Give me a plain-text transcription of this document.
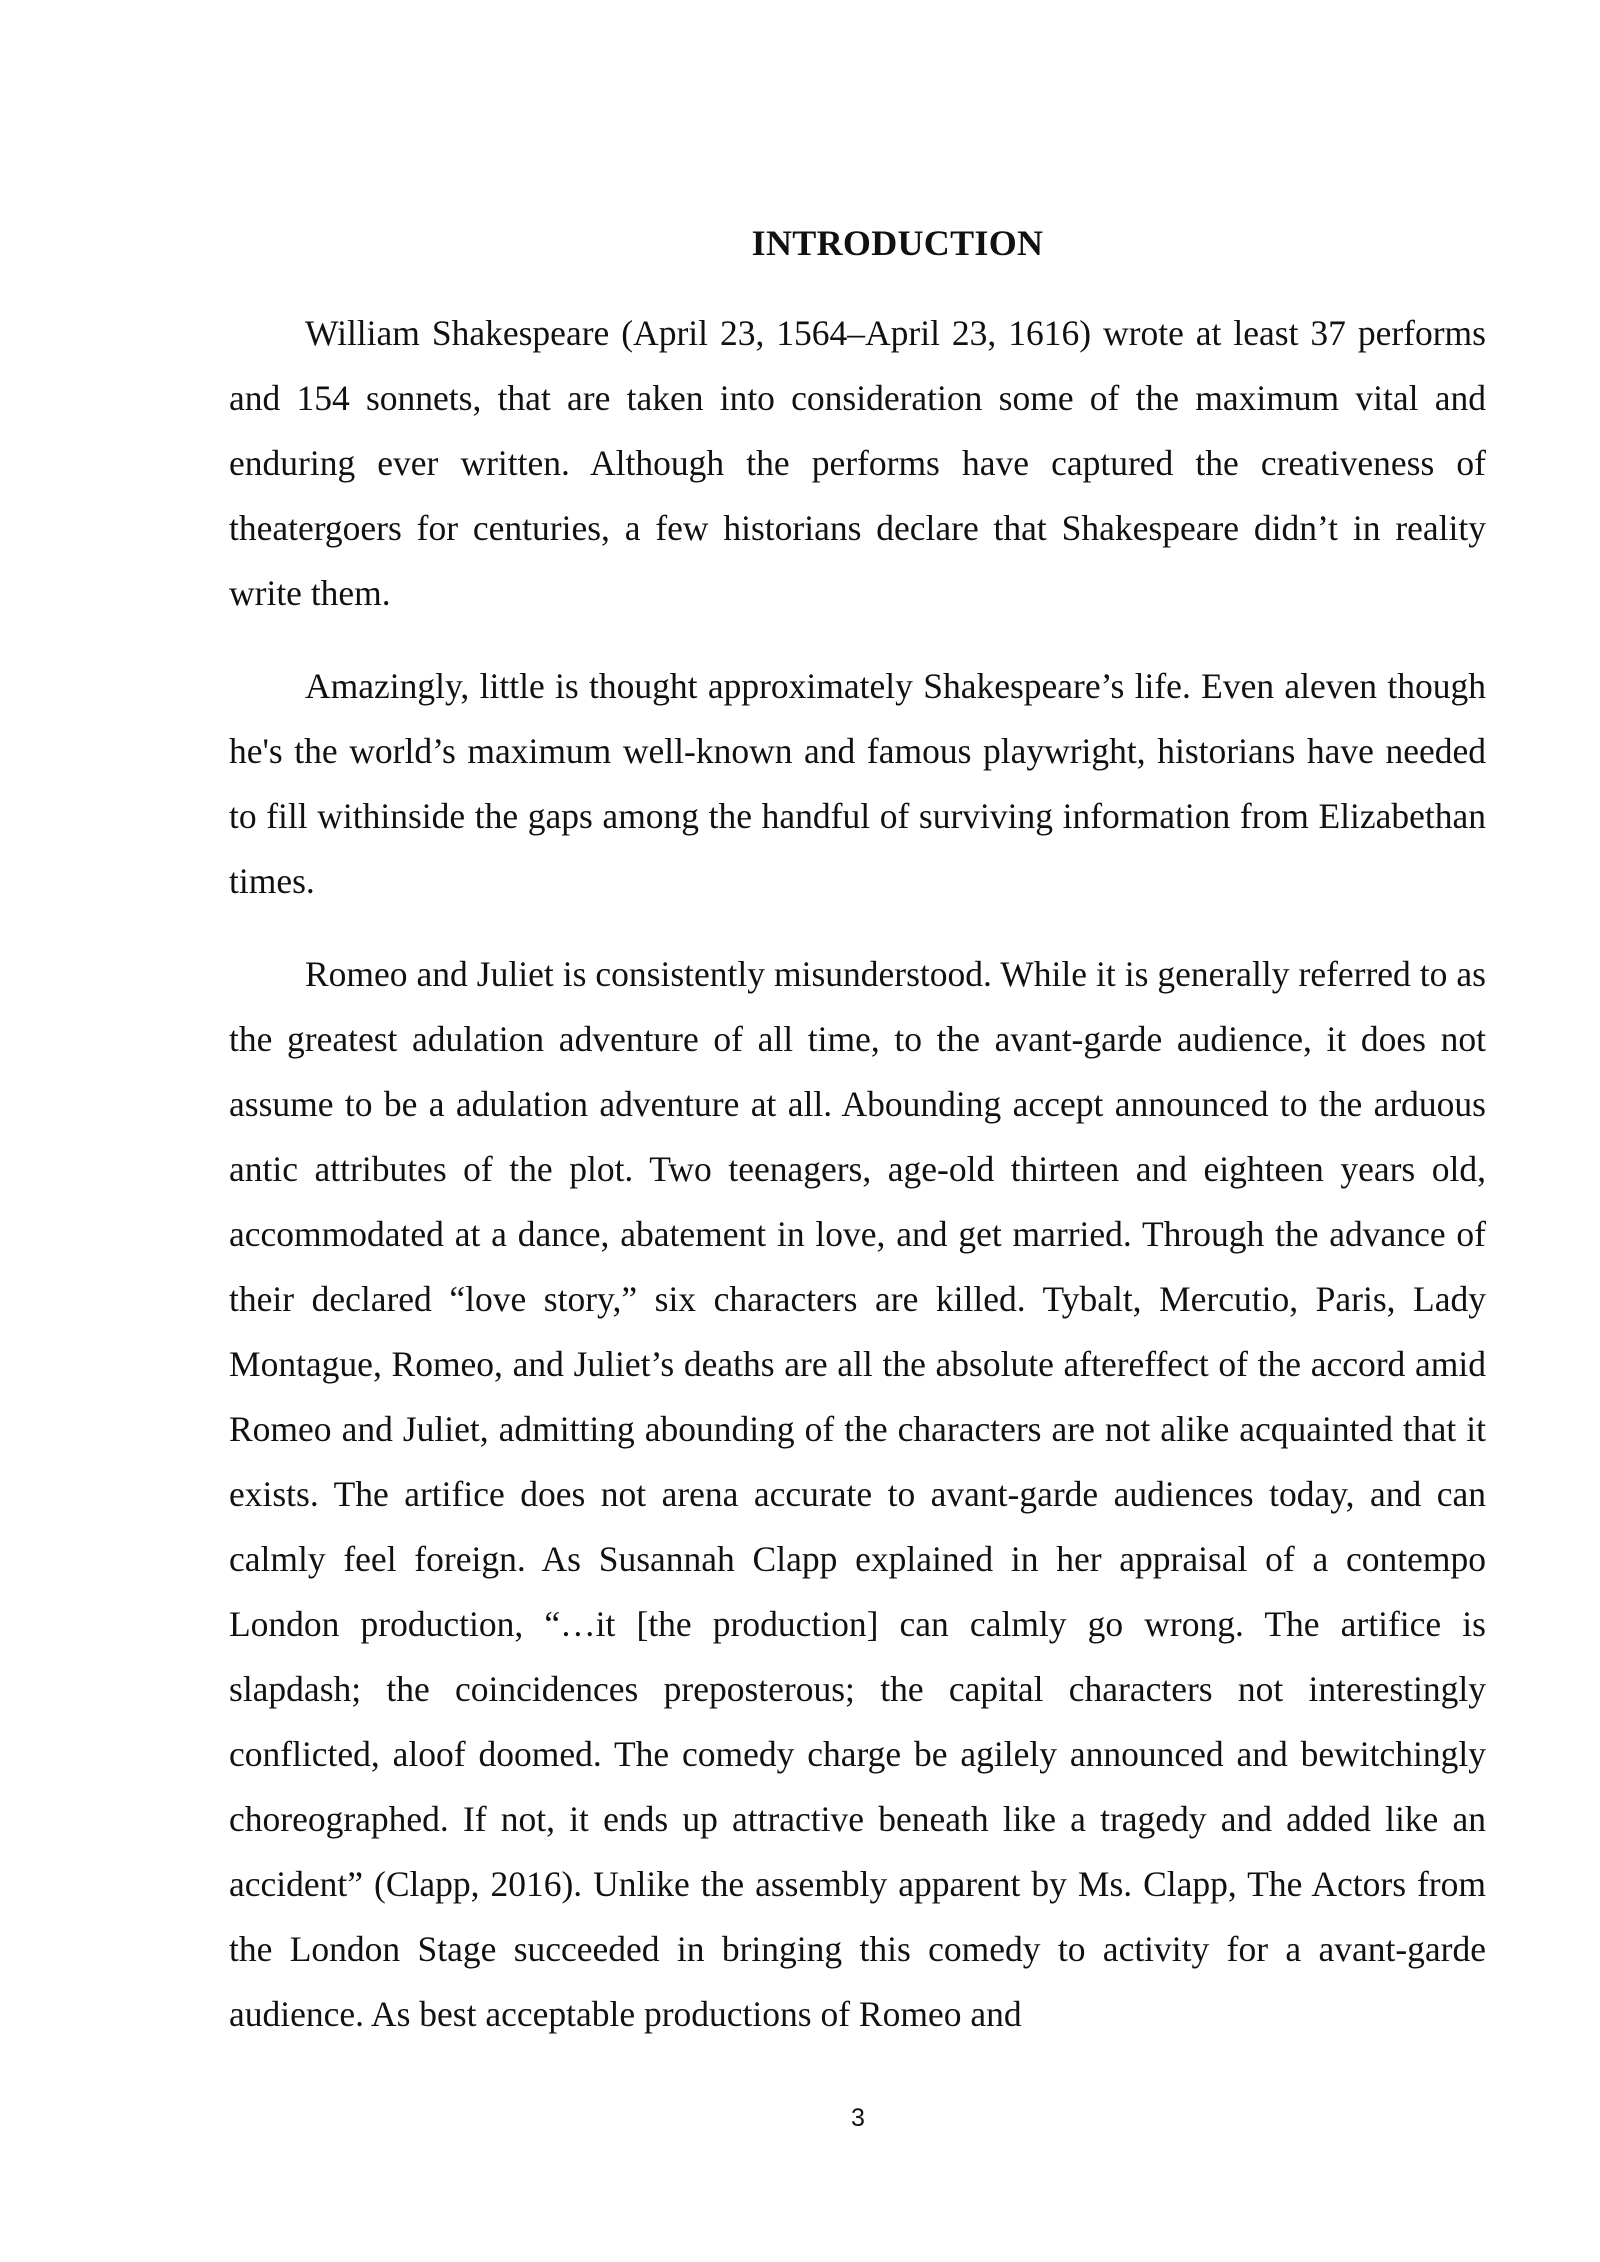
INTRODUCTION

William Shakespeare (April 23, 1564–April 23, 1616) wrote at least 37 performs and 154 sonnets, that are taken into consideration some of the maximum vital and enduring ever written. Although the performs have captured the creativeness of theatergoers for centuries, a few historians declare that Shakespeare didn’t in reality write them.

Amazingly, little is thought approximately Shakespeare’s life. Even aleven though he's the world’s maximum well-known and famous playwright, historians have needed to fill withinside the gaps among the handful of surviving information from Elizabethan times.

Romeo and Juliet is consistently misunderstood. While it is generally referred to as the greatest adulation adventure of all time, to the avant-garde audience, it does not assume to be a adulation adventure at all. Abounding accept announced to the arduous antic attributes of the plot. Two teenagers, age-old thirteen and eighteen years old, accommodated at a dance, abatement in love, and get married. Through the advance of their declared “love story,” six characters are killed. Tybalt, Mercutio, Paris, Lady Montague, Romeo, and Juliet’s deaths are all the absolute aftereffect of the accord amid Romeo and Juliet, admitting abounding of the characters are not alike acquainted that it exists. The artifice does not arena accurate to avant-garde audiences today, and can calmly feel foreign. As Susannah Clapp explained in her appraisal of a contempo London production, “…it [the production] can calmly go wrong. The artifice is slapdash; the coincidences preposterous; the capital characters not interestingly conflicted, aloof doomed. The comedy charge be agilely announced and bewitchingly choreographed. If not, it ends up attractive beneath like a tragedy and added like an accident” (Clapp, 2016). Unlike the assembly apparent by Ms. Clapp, The Actors from the London Stage succeeded in bringing this comedy to activity for a avant-garde audience. As best acceptable productions of Romeo and

3
